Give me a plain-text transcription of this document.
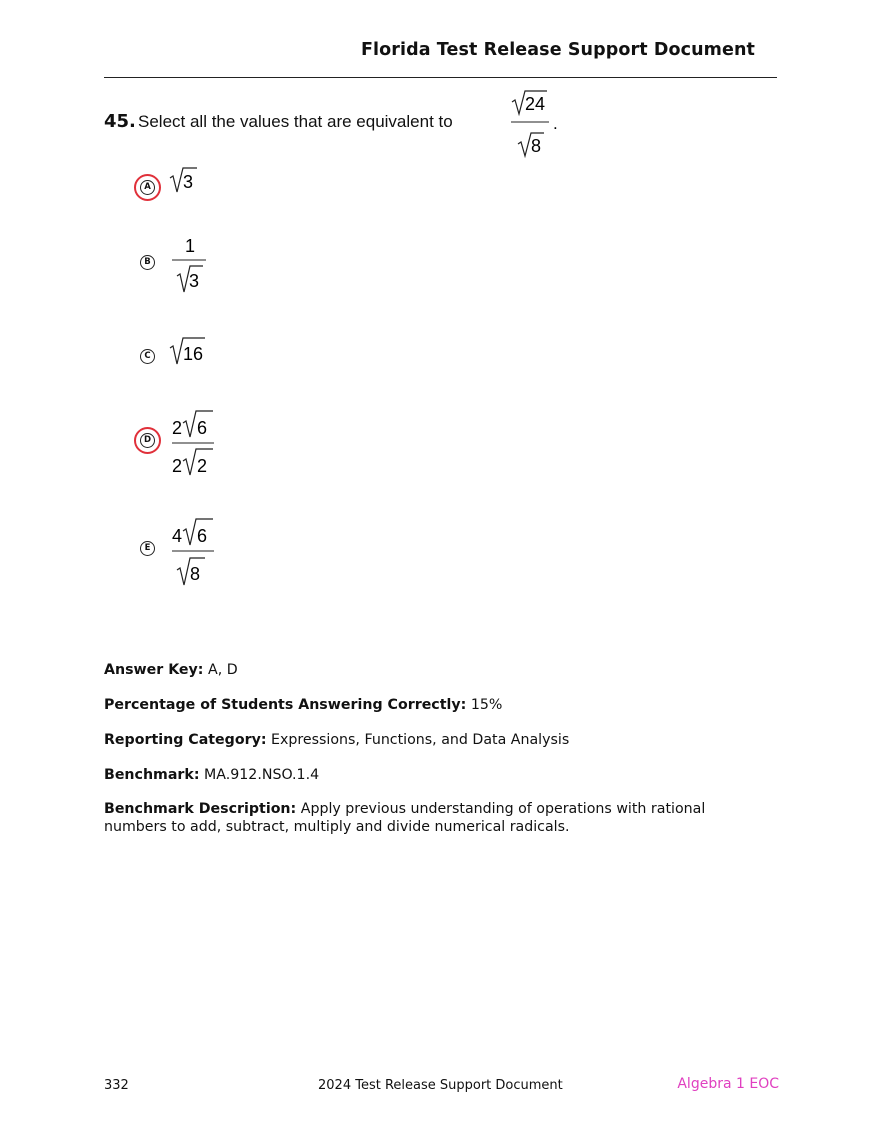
Florida Test Release Support Document
45. Select all the values that are equivalent to
24
8
.
A 3
B
1
3
C 16
D
2 6
2 2
E
4 6
8
Answer Key: A, D
Percentage of Students Answering Correctly: 15%
Reporting Category: Expressions, Functions, and Data Analysis
Benchmark: MA.912.NSO.1.4
Benchmark Description: Apply previous understanding of operations with rational numbers to add, subtract, multiply and divide numerical radicals.
332	2024 Test Release Support Document	Algebra 1 EOC
